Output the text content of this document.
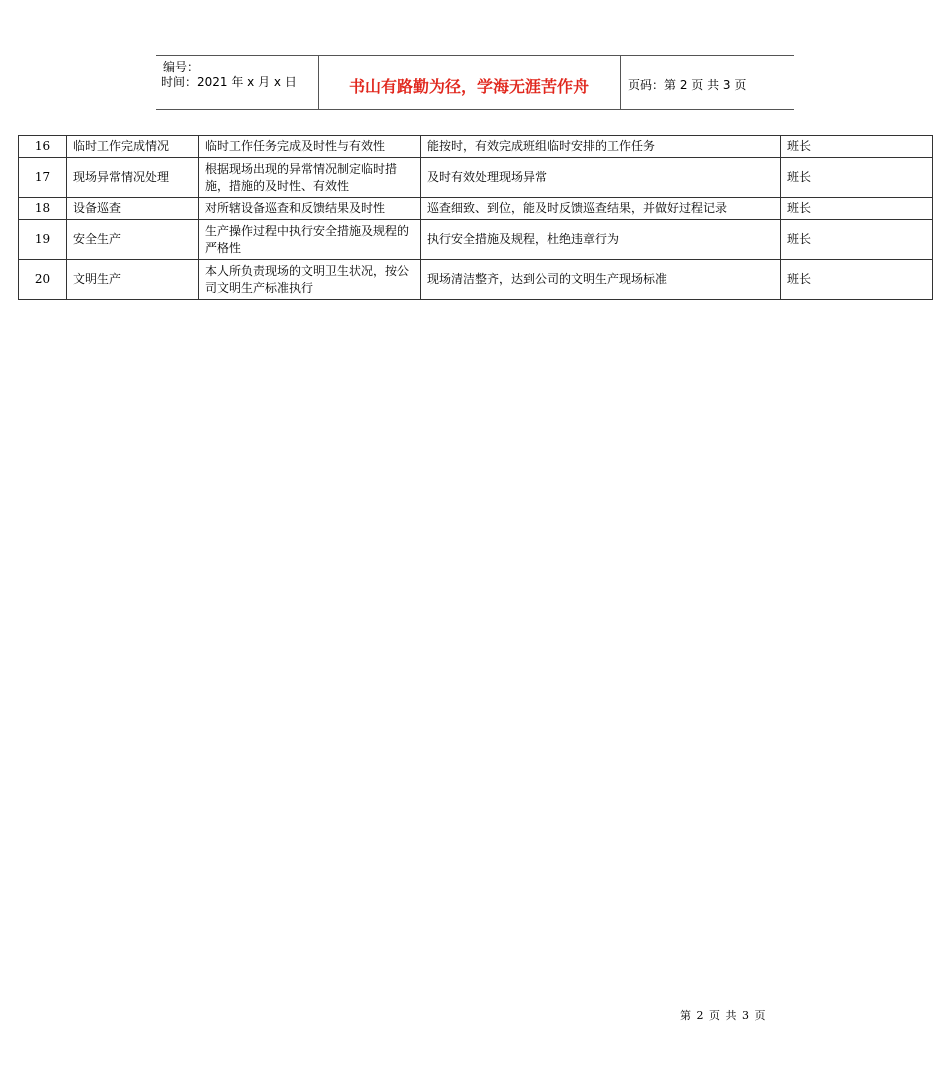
编号：
时间：2021 年 x 月 x 日	书山有路勤为径，学海无涯苦作舟	页码：第 2 页 共 3 页
16	临时工作完成情况	临时工作任务完成及时性与有效性	能按时，有效完成班组临时安排的工作任务	班长
17	现场异常情况处理	根据现场出现的异常情况制定临时措施，措施的及时性、有效性	及时有效处理现场异常	班长
18	设备巡查	对所辖设备巡查和反馈结果及时性	巡查细致、到位，能及时反馈巡查结果，并做好过程记录	班长
19	安全生产	生产操作过程中执行安全措施及规程的严格性	执行安全措施及规程，杜绝违章行为	班长
20	文明生产	本人所负责现场的文明卫生状况，按公司文明生产标准执行	现场清洁整齐，达到公司的文明生产现场标准	班长
第 2 页 共 3 页
